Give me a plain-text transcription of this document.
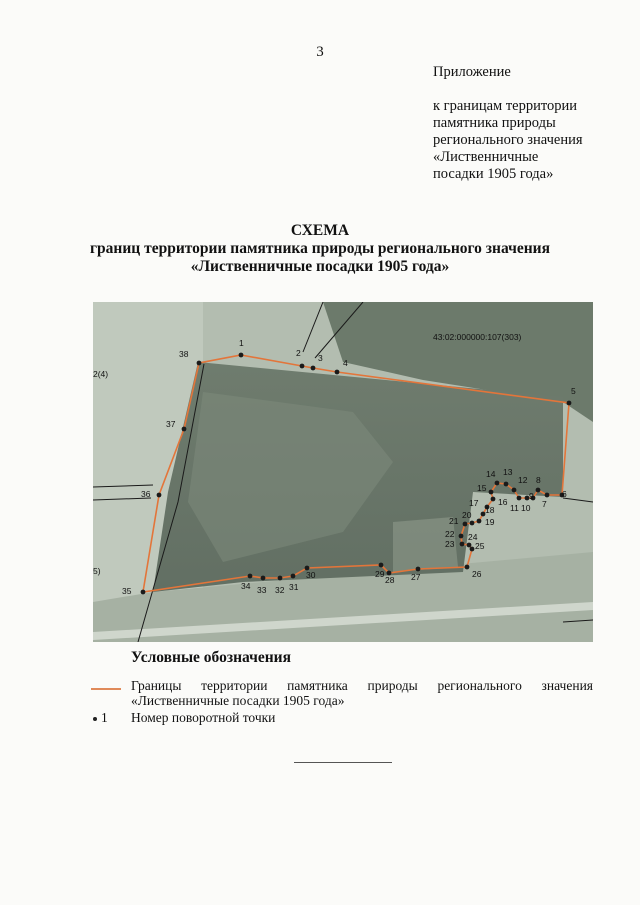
3
Приложение
к границам территории
памятника природы
регионального значения
«Лиственничные
посадки 1905 года»
СХЕМА
границ территории памятника природы регионального значения
«Лиственничные посадки 1905 года»
1
2 3 4
5
6
7
8
9
10
11
12
13
14
15
16
17
18
19
20
21
22
23
24
25
26
27
28
29
30
31
32
33
34
35
36
37
38
43:02:000000:107(303)
2(4)
5)
Условные обозначения
Границы территории памятника природы регионального значения «Лиственничные посадки 1905 года»
1 Номер поворотной точки
